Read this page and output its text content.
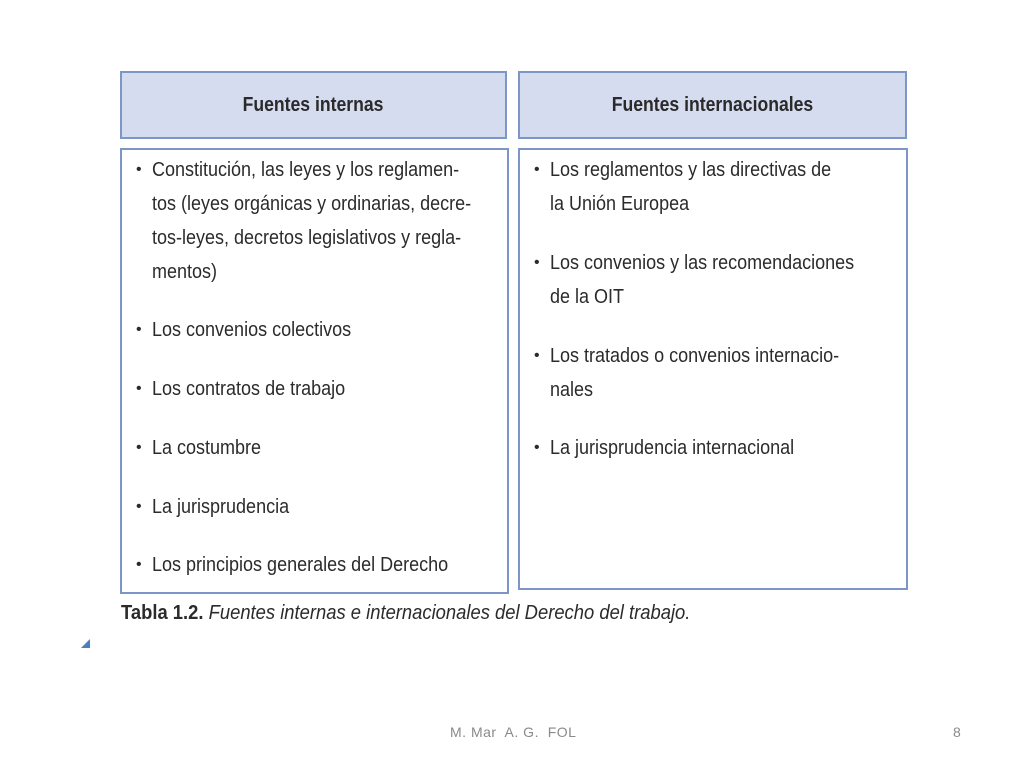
Fuentes internas	Fuentes internacionales
• Constitución, las leyes y los reglamen-
tos (leyes orgánicas y ordinarias, decre-
tos-leyes, decretos legislativos y regla-
mentos)
• Los convenios colectivos
• Los contratos de trabajo
• La costumbre
• La jurisprudencia
• Los principios generales del Derecho
• Los reglamentos y las directivas de
la Unión Europea
• Los convenios y las recomendaciones
de la OIT
• Los tratados o convenios internacio-
nales
• La jurisprudencia internacional
Tabla 1.2. Fuentes internas e internacionales del Derecho del trabajo.
M. Mar  A. G.  FOL	8
